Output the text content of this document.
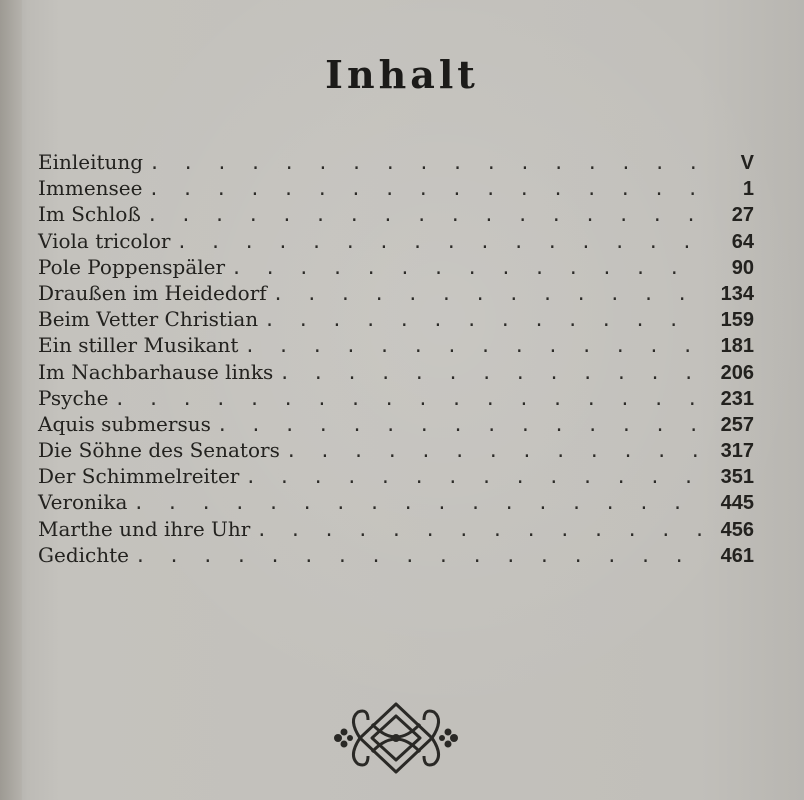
Inhalt
Einleitung . . .	V
Immensee . . .	1
Im Schloß . . .	27
Viola tricolor . . .	64
Pole Poppenspäler . . .	90
Draußen im Heidedorf . . .	134
Beim Vetter Christian . . .	159
Ein stiller Musikant . . .	181
Im Nachbarhause links . . .	206
Psyche . . .	231
Aquis submersus . . .	257
Die Söhne des Senators . . .	317
Der Schimmelreiter . . .	351
Veronika . . .	445
Marthe und ihre Uhr . . .	456
Gedichte . . .	461
